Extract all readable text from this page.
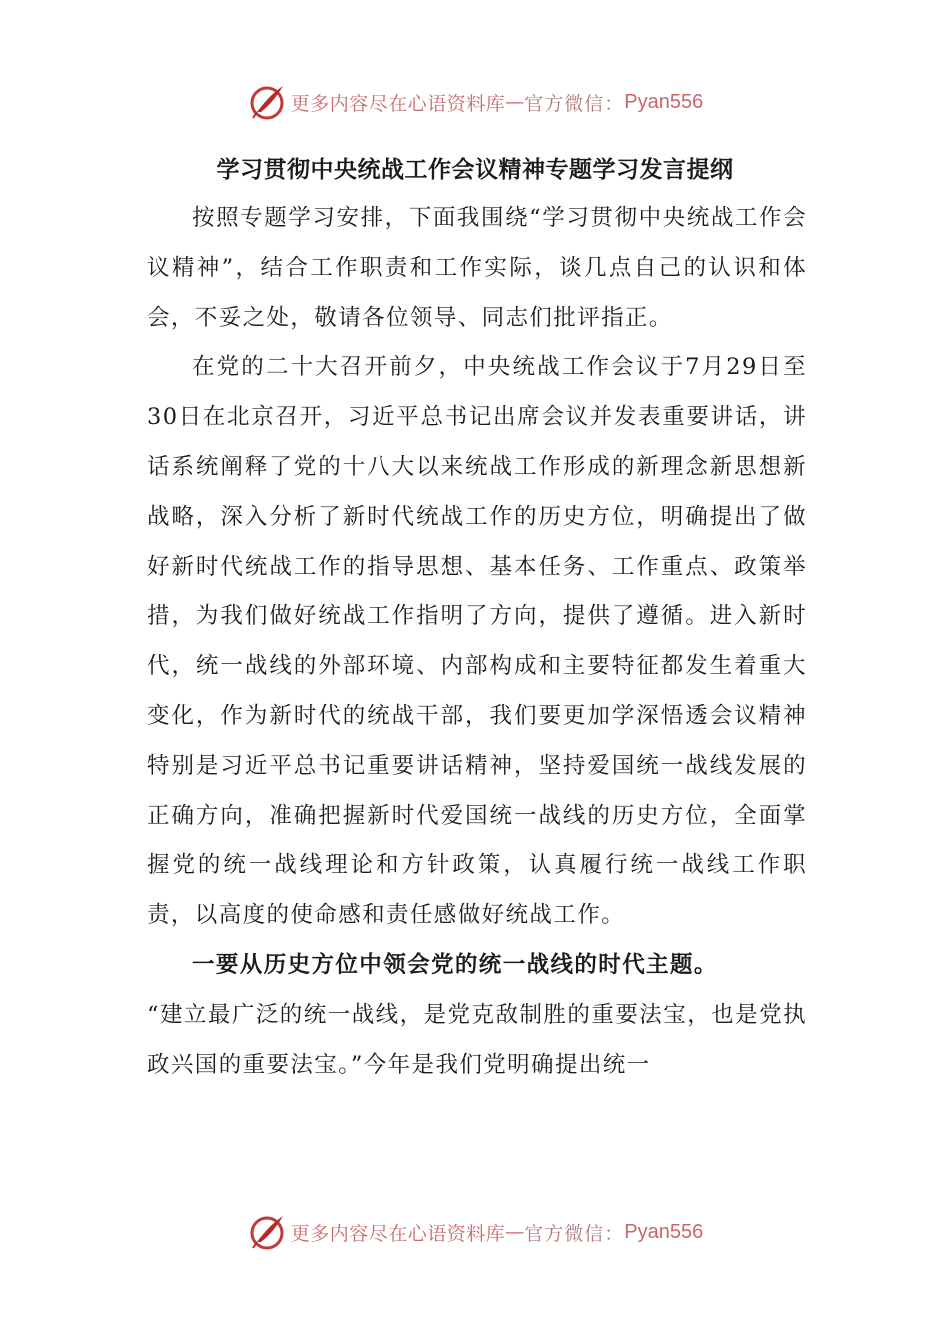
更多内容尽在心语资料库 — 官方微信： Pyan556
学习贯彻中央统战工作会议精神专题学习发言提纲

按照专题学习安排，下面我围绕“学习贯彻中央统战工作会议精神”，结合工作职责和工作实际，谈几点自己的认识和体会，不妥之处，敬请各位领导、同志们批评指正。

在党的二十大召开前夕，中央统战工作会议于7月29日至30日在北京召开，习近平总书记出席会议并发表重要讲话，讲话系统阐释了党的十八大以来统战工作形成的新理念新思想新战略，深入分析了新时代统战工作的历史方位，明确提出了做好新时代统战工作的指导思想、基本任务、工作重点、政策举措，为我们做好统战工作指明了方向，提供了遵循。进入新时代，统一战线的外部环境、内部构成和主要特征都发生着重大变化，作为新时代的统战干部，我们要更加学深悟透会议精神特别是习近平总书记重要讲话精神，坚持爱国统一战线发展的正确方向，准确把握新时代爱国统一战线的历史方位，全面掌握党的统一战线理论和方针政策，认真履行统一战线工作职责，以高度的使命感和责任感做好统战工作。

一要从历史方位中领会党的统一战线的时代主题。

“建立最广泛的统一战线，是党克敌制胜的重要法宝，也是党执政兴国的重要法宝。”今年是我们党明确提出统一

更多内容尽在心语资料库 — 官方微信： Pyan556
